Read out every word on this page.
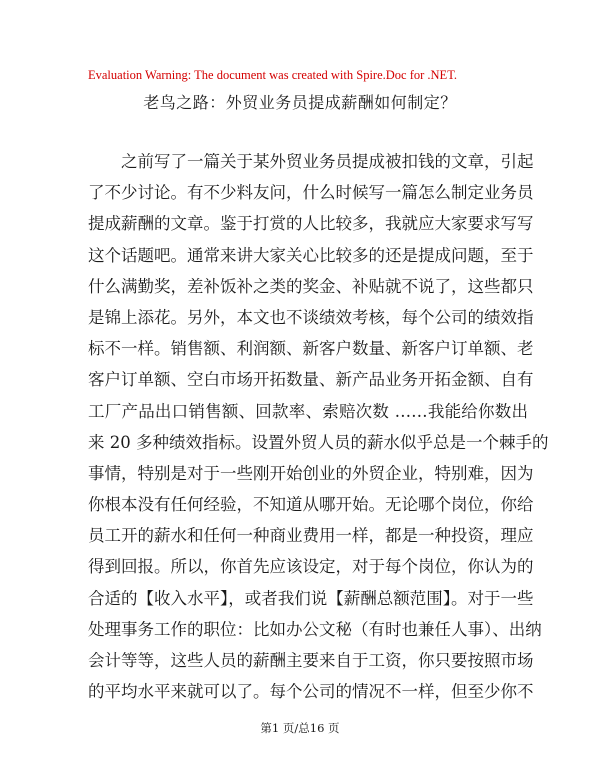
Evaluation Warning: The document was created with Spire.Doc for .NET.
老鸟之路：外贸业务员提成薪酬如何制定？
之前写了一篇关于某外贸业务员提成被扣钱的文章，引起
了不少讨论。有不少料友问，什么时候写一篇怎么制定业务员
提成薪酬的文章。鉴于打赏的人比较多，我就应大家要求写写
这个话题吧。通常来讲大家关心比较多的还是提成问题，至于
什么满勤奖，差补饭补之类的奖金、补贴就不说了，这些都只
是锦上添花。另外，本文也不谈绩效考核，每个公司的绩效指
标不一样。销售额、利润额、新客户数量、新客户订单额、老
客户订单额、空白市场开拓数量、新产品业务开拓金额、自有
工厂产品出口销售额、回款率、索赔次数 ……我能给你数出
来 20 多种绩效指标。设置外贸人员的薪水似乎总是一个棘手的
事情，特别是对于一些刚开始创业的外贸企业，特别难，因为
你根本没有任何经验，不知道从哪开始。无论哪个岗位，你给
员工开的薪水和任何一种商业费用一样，都是一种投资，理应
得到回报。所以，你首先应该设定，对于每个岗位，你认为的
合适的【收入水平】，或者我们说【薪酬总额范围】。对于一些
处理事务工作的职位：比如办公文秘（有时也兼任人事）、出纳
会计等等，这些人员的薪酬主要来自于工资，你只要按照市场
的平均水平来就可以了。每个公司的情况不一样，但至少你不
第1 页/总16 页
